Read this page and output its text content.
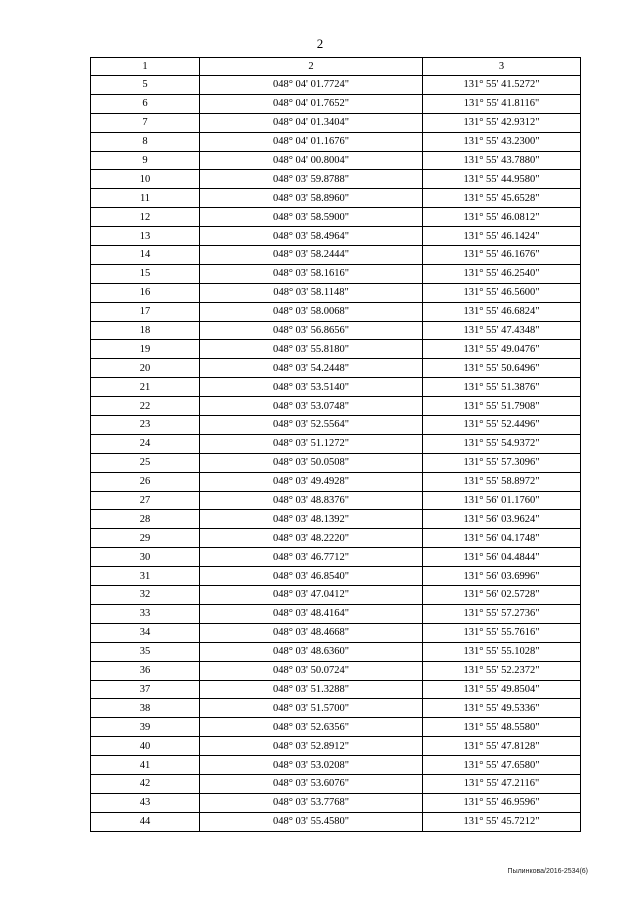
2
1	2	3
5	048° 04' 01.7724"	131° 55' 41.5272"
6	048° 04' 01.7652"	131° 55' 41.8116"
7	048° 04' 01.3404"	131° 55' 42.9312"
8	048° 04' 01.1676"	131° 55' 43.2300"
9	048° 04' 00.8004"	131° 55' 43.7880"
10	048° 03' 59.8788"	131° 55' 44.9580"
11	048° 03' 58.8960"	131° 55' 45.6528"
12	048° 03' 58.5900"	131° 55' 46.0812"
13	048° 03' 58.4964"	131° 55' 46.1424"
14	048° 03' 58.2444"	131° 55' 46.1676"
15	048° 03' 58.1616"	131° 55' 46.2540"
16	048° 03' 58.1148"	131° 55' 46.5600"
17	048° 03' 58.0068"	131° 55' 46.6824"
18	048° 03' 56.8656"	131° 55' 47.4348"
19	048° 03' 55.8180"	131° 55' 49.0476"
20	048° 03' 54.2448"	131° 55' 50.6496"
21	048° 03' 53.5140"	131° 55' 51.3876"
22	048° 03' 53.0748"	131° 55' 51.7908"
23	048° 03' 52.5564"	131° 55' 52.4496"
24	048° 03' 51.1272"	131° 55' 54.9372"
25	048° 03' 50.0508"	131° 55' 57.3096"
26	048° 03' 49.4928"	131° 55' 58.8972"
27	048° 03' 48.8376"	131° 56' 01.1760"
28	048° 03' 48.1392"	131° 56' 03.9624"
29	048° 03' 48.2220"	131° 56' 04.1748"
30	048° 03' 46.7712"	131° 56' 04.4844"
31	048° 03' 46.8540"	131° 56' 03.6996"
32	048° 03' 47.0412"	131° 56' 02.5728"
33	048° 03' 48.4164"	131° 55' 57.2736"
34	048° 03' 48.4668"	131° 55' 55.7616"
35	048° 03' 48.6360"	131° 55' 55.1028"
36	048° 03' 50.0724"	131° 55' 52.2372"
37	048° 03' 51.3288"	131° 55' 49.8504"
38	048° 03' 51.5700"	131° 55' 49.5336"
39	048° 03' 52.6356"	131° 55' 48.5580"
40	048° 03' 52.8912"	131° 55' 47.8128"
41	048° 03' 53.0208"	131° 55' 47.6580"
42	048° 03' 53.6076"	131° 55' 47.2116"
43	048° 03' 53.7768"	131° 55' 46.9596"
44	048° 03' 55.4580"	131° 55' 45.7212"
Пылинкова/2016-2534(6)
